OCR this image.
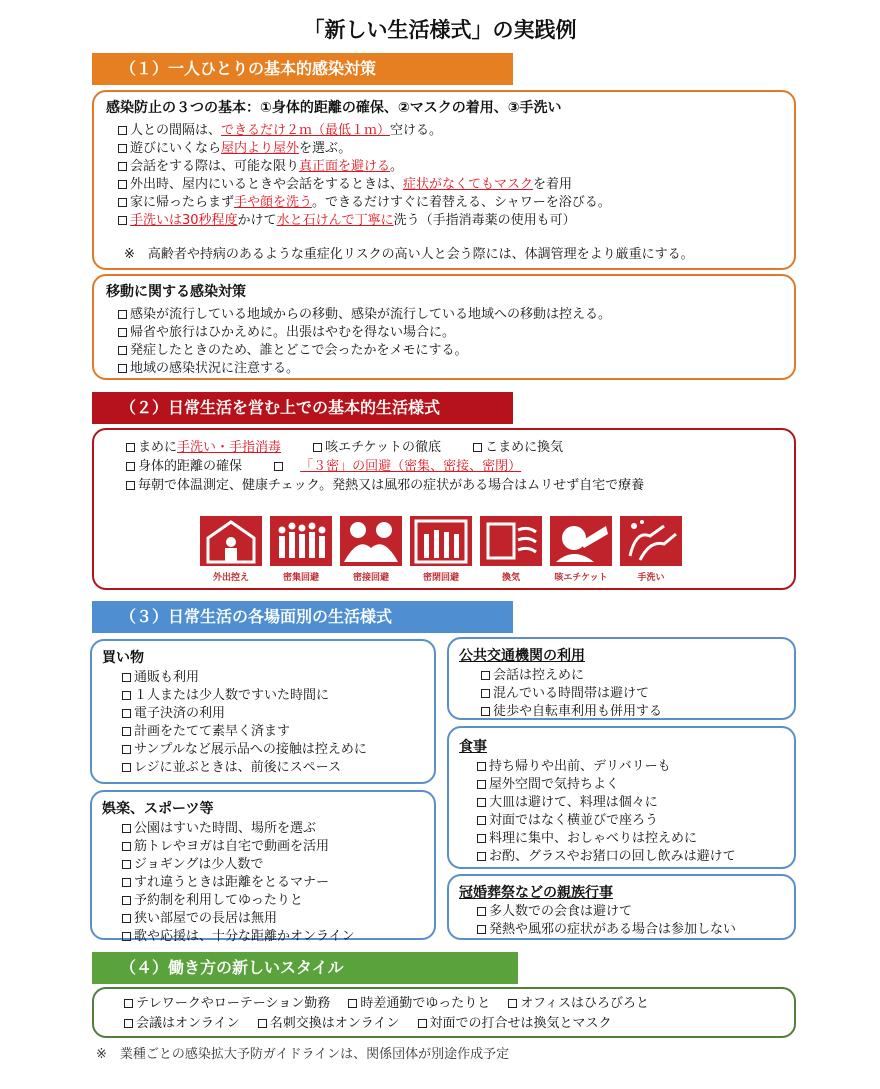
「新しい生活様式」の実践例
（１）一人ひとりの基本的感染対策
感染防止の３つの基本：①身体的距離の確保、②マスクの着用、③手洗い
人との間隔は、できるだけ２ｍ（最低１ｍ）空ける。
遊びにいくなら屋内より屋外を選ぶ。
会話をする際は、可能な限り真正面を避ける。
外出時、屋内にいるときや会話をするときは、症状がなくてもマスクを着用
家に帰ったらまず手や顔を洗う。できるだけすぐに着替える、シャワーを浴びる。
手洗いは30秒程度かけて水と石けんで丁寧に洗う（手指消毒薬の使用も可）
※　高齢者や持病のあるような重症化リスクの高い人と会う際には、体調管理をより厳重にする。
移動に関する感染対策
感染が流行している地域からの移動、感染が流行している地域への移動は控える。
帰省や旅行はひかえめに。出張はやむを得ない場合に。
発症したときのため、誰とどこで会ったかをメモにする。
地域の感染状況に注意する。
（２）日常生活を営む上での基本的生活様式
まめに手洗い・手指消毒	咳エチケットの徹底	こまめに換気
身体的距離の確保	「３密」の回避（密集、密接、密閉）
毎朝で体温測定、健康チェック。発熱又は風邪の症状がある場合はムリせず自宅で療養
外出控え	密集回避	密接回避	密閉回避	換気	咳エチケット	手洗い
（３）日常生活の各場面別の生活様式
買い物
通販も利用
１人または少人数ですいた時間に
電子決済の利用
計画をたてて素早く済ます
サンプルなど展示品への接触は控えめに
レジに並ぶときは、前後にスペース
娯楽、スポーツ等
公園はすいた時間、場所を選ぶ
筋トレやヨガは自宅で動画を活用
ジョギングは少人数で
すれ違うときは距離をとるマナー
予約制を利用してゆったりと
狭い部屋での長居は無用
歌や応援は、十分な距離かオンライン
公共交通機関の利用
会話は控えめに
混んでいる時間帯は避けて
徒歩や自転車利用も併用する
食事
持ち帰りや出前、デリバリーも
屋外空間で気持ちよく
大皿は避けて、料理は個々に
対面ではなく横並びで座ろう
料理に集中、おしゃべりは控えめに
お酌、グラスやお猪口の回し飲みは避けて
冠婚葬祭などの親族行事
多人数での会食は避けて
発熱や風邪の症状がある場合は参加しない
（４）働き方の新しいスタイル
テレワークやローテーション勤務 時差通勤でゆったりと オフィスはひろびろと
会議はオンライン 名刺交換はオンライン 対面での打合せは換気とマスク
※　業種ごとの感染拡大予防ガイドラインは、関係団体が別途作成予定
